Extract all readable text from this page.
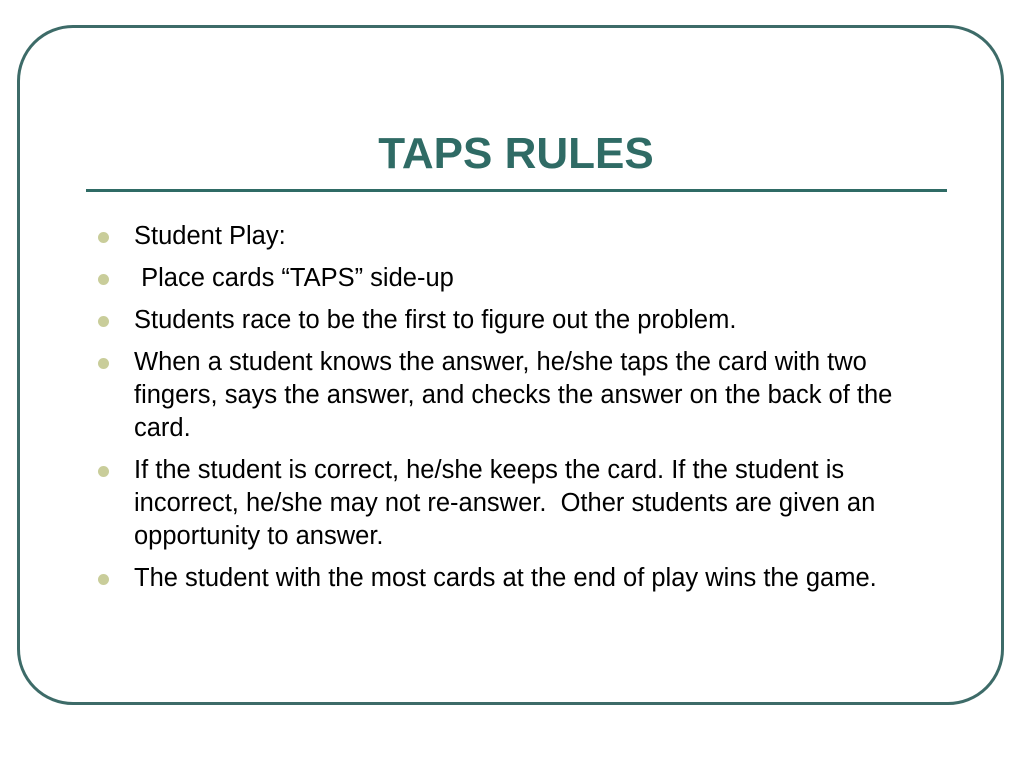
TAPS RULES
Student Play:
Place cards “TAPS” side-up
Students race to be the first to figure out the problem.
When a student knows the answer, he/she taps the card with two fingers, says the answer, and checks the answer on the back of the card.
If the student is correct, he/she keeps the card. If the student is incorrect, he/she may not re-answer.  Other students are given an opportunity to answer.
The student with the most cards at the end of play wins the game.
